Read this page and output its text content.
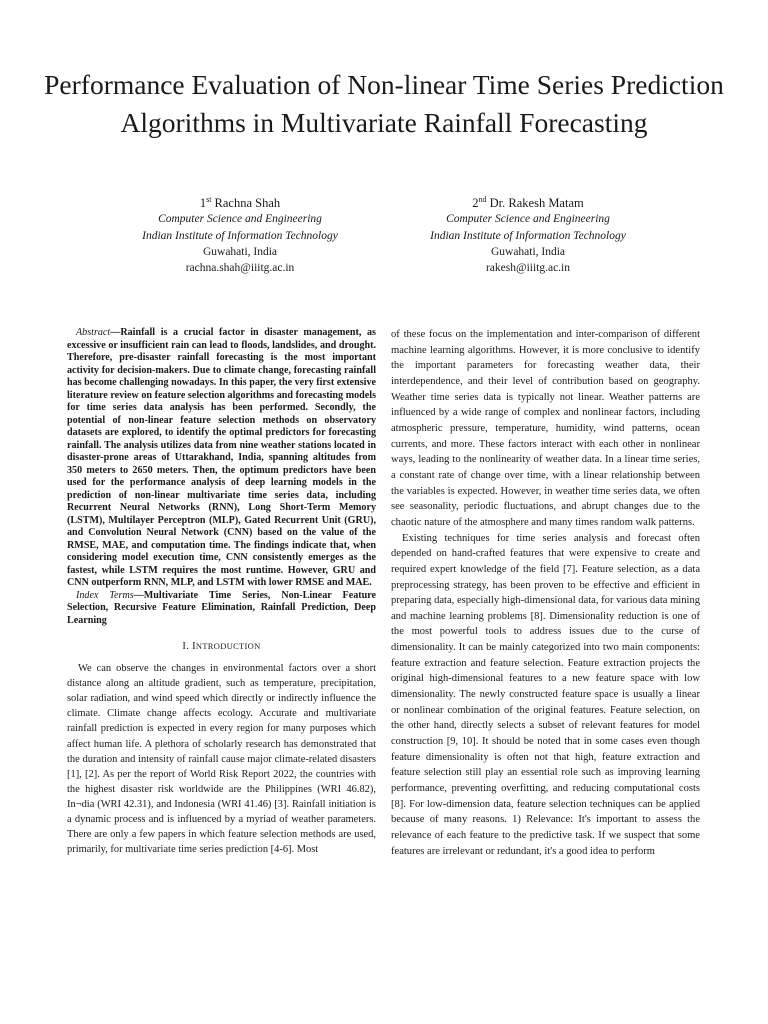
Performance Evaluation of Non-linear Time Series Prediction Algorithms in Multivariate Rainfall Forecasting
1st Rachna Shah
Computer Science and Engineering
Indian Institute of Information Technology
Guwahati, India
rachna.shah@iiitg.ac.in
2nd Dr. Rakesh Matam
Computer Science and Engineering
Indian Institute of Information Technology
Guwahati, India
rakesh@iiitg.ac.in

Abstract—Rainfall is a crucial factor in disaster management, as excessive or insufficient rain can lead to floods, landslides, and drought. Therefore, pre-disaster rainfall forecasting is the most important activity for decision-makers. Due to climate change, forecasting rainfall has become challenging nowadays. In this paper, the very first extensive literature review on feature selection algorithms and forecasting models for time series data analysis has been performed. Secondly, the potential of non-linear feature selection methods on observatory datasets are explored, to identify the optimal predictors for forecasting rainfall. The analysis utilizes data from nine weather stations located in disaster-prone areas of Uttarakhand, India, spanning altitudes from 350 meters to 2650 meters. Then, the optimum predictors have been used for the performance analysis of deep learning models in the prediction of non-linear multivariate time series data, including Recurrent Neural Networks (RNN), Long Short-Term Memory (LSTM), Multilayer Perceptron (MLP), Gated Recurrent Unit (GRU), and Convolution Neural Network (CNN) based on the value of the RMSE, MAE, and computation time. The findings indicate that, when considering model execution time, CNN consistently emerges as the fastest, while LSTM requires the most runtime. However, GRU and CNN outperform RNN, MLP, and LSTM with lower RMSE and MAE.

Index Terms—Multivariate Time Series, Non-Linear Feature Selection, Recursive Feature Elimination, Rainfall Prediction, Deep Learning

I. INTRODUCTION

We can observe the changes in environmental factors over a short distance along an altitude gradient, such as temperature, precipitation, solar radiation, and wind speed which directly or indirectly influence the climate. Climate change affects ecology. Accurate and multivariate rainfall prediction is expected in every region for many purposes which affect human life. A plethora of scholarly research has demonstrated that the duration and intensity of rainfall cause major climate-related disasters [1], [2]. As per the report of World Risk Report 2022, the countries with the highest disaster risk worldwide are the Philippines (WRI 46.82), In¬dia (WRI 42.31), and Indonesia (WRI 41.46) [3]. Rainfall initiation is a dynamic process and is influenced by a myriad of weather parameters. There are only a few papers in which feature selection methods are used, primarily, for multivariate time series prediction [4-6]. Most

of these focus on the implementation and inter-comparison of different machine learning algorithms. However, it is more conclusive to identify the important parameters for forecasting weather data, their interdependence, and their level of contribution based on geography. Weather time series data is typically not linear. Weather patterns are influenced by a wide range of complex and nonlinear factors, including atmospheric pressure, temperature, humidity, wind patterns, ocean currents, and more. These factors interact with each other in nonlinear ways, leading to the nonlinearity of weather data. In a linear time series, a constant rate of change over time, with a linear relationship between the variables is expected. However, in weather time series data, we often see seasonality, periodic fluctuations, and abrupt changes due to the chaotic nature of the atmosphere and many times random walk patterns.

Existing techniques for time series analysis and forecast often depended on hand-crafted features that were expensive to create and required expert knowledge of the field [7]. Feature selection, as a data preprocessing strategy, has been proven to be effective and efficient in preparing data, especially high-dimensional data, for various data mining and machine learning problems [8]. Dimensionality reduction is one of the most powerful tools to address issues due to the curse of dimensionality. It can be mainly categorized into two main components: feature extraction and feature selection. Feature extraction projects the original high-dimensional features to a new feature space with low dimensionality. The newly constructed feature space is usually a linear or nonlinear combination of the original features. Feature selection, on the other hand, directly selects a subset of relevant features for model construction [9, 10]. It should be noted that in some cases even though feature dimensionality is often not that high, feature extraction and feature selection still play an essential role such as improving learning performance, preventing overfitting, and reducing computational costs [8]. For low-dimension data, feature selection techniques can be applied because of many reasons. 1) Relevance: It's important to assess the relevance of each feature to the predictive task. If we suspect that some features are irrelevant or redundant, it's a good idea to perform
